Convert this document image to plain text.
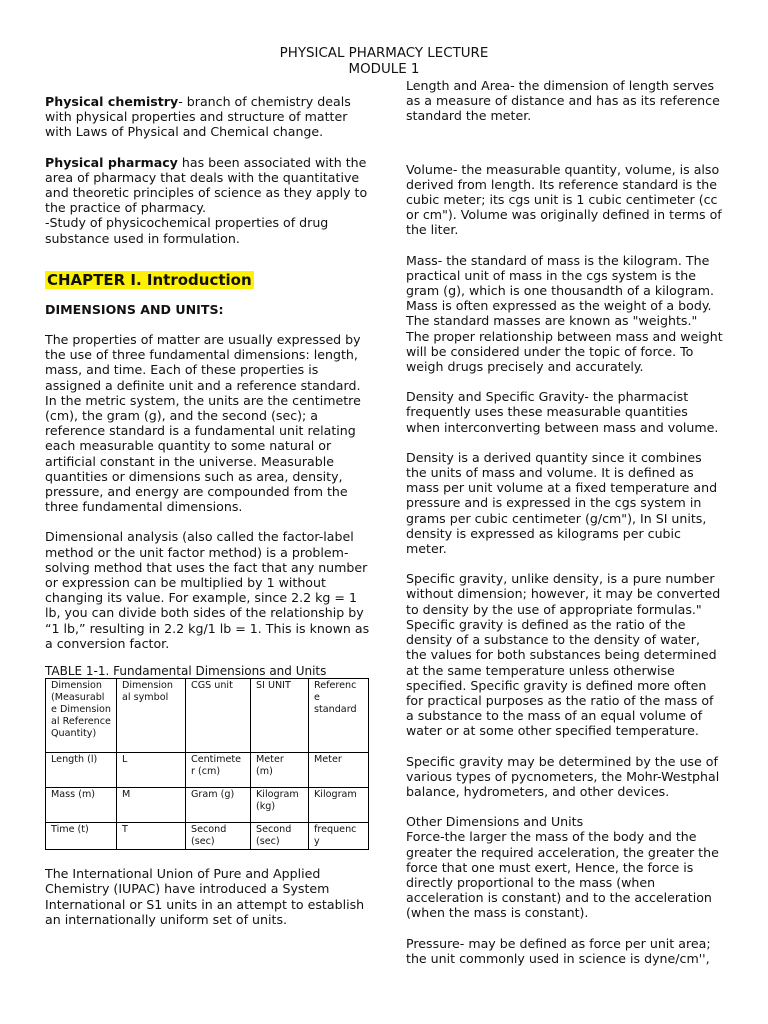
PHYSICAL PHARMACY LECTURE
MODULE 1

Physical chemistry- branch of chemistry deals with physical properties and structure of matter with Laws of Physical and Chemical change.

Physical pharmacy has been associated with the area of pharmacy that deals with the quantitative and theoretic principles of science as they apply to the practice of pharmacy.

-Study of physicochemical properties of drug substance used in formulation.

CHAPTER I. Introduction

DIMENSIONS AND UNITS:

The properties of matter are usually expressed by the use of three fundamental dimensions: length, mass, and time. Each of these properties is assigned a definite unit and a reference standard. In the metric system, the units are the centimetre (cm), the gram (g), and the second (sec); a reference standard is a fundamental unit relating each measurable quantity to some natural or artificial constant in the universe. Measurable quantities or dimensions such as area, density, pressure, and energy are compounded from the three fundamental dimensions.

Dimensional analysis (also called the factor-label method or the unit factor method) is a problem-solving method that uses the fact that any number or expression can be multiplied by 1 without changing its value. For example, since 2.2 kg = 1 lb, you can divide both sides of the relationship by “1 lb,” resulting in 2.2 kg/1 lb = 1. This is known as a conversion factor.

TABLE 1-1. Fundamental Dimensions and Units

Dimension (Measurabl e Dimension al Reference Quantity)	Dimension al symbol	CGS unit	SI UNIT	Referenc e standard
Length (l)	L	Centimete r (cm)	Meter (m)	Meter
Mass (m)	M	Gram (g)	Kilogram (kg)	Kilogram
Time (t)	T	Second (sec)	Second (sec)	frequenc y

The International Union of Pure and Applied Chemistry (IUPAC) have introduced a System International or S1 units in an attempt to establish an internationally uniform set of units.

Length and Area- the dimension of length serves as a measure of distance and has as its reference standard the meter.

Volume- the measurable quantity, volume, is also derived from length. Its reference standard is the cubic meter; its cgs unit is 1 cubic centimeter (cc or cm"). Volume was originally defined in terms of the liter.

Mass- the standard of mass is the kilogram. The practical unit of mass in the cgs system is the gram (g), which is one thousandth of a kilogram. Mass is often expressed as the weight of a body. The standard masses are known as "weights." The proper relationship between mass and weight will be considered under the topic of force. To weigh drugs precisely and accurately.

Density and Specific Gravity- the pharmacist frequently uses these measurable quantities when interconverting between mass and volume.

Density is a derived quantity since it combines the units of mass and volume. It is defined as mass per unit volume at a fixed temperature and pressure and is expressed in the cgs system in grams per cubic centimeter (g/cm"), In SI units, density is expressed as kilograms per cubic meter.

Specific gravity, unlike density, is a pure number without dimension; however, it may be converted to density by the use of appropriate formulas." Specific gravity is defined as the ratio of the density of a substance to the density of water, the values for both substances being determined at the same temperature unless otherwise specified. Specific gravity is defined more often for practical purposes as the ratio of the mass of a substance to the mass of an equal volume of water or at some other specified temperature.

Specific gravity may be determined by the use of various types of pycnometers, the Mohr-Westphal balance, hydrometers, and other devices.

Other Dimensions and Units

Force-the larger the mass of the body and the greater the required acceleration, the greater the force that one must exert, Hence, the force is directly proportional to the mass (when acceleration is constant) and to the acceleration (when the mass is constant).

Pressure- may be defined as force per unit area; the unit commonly used in science is dyne/cm'',
